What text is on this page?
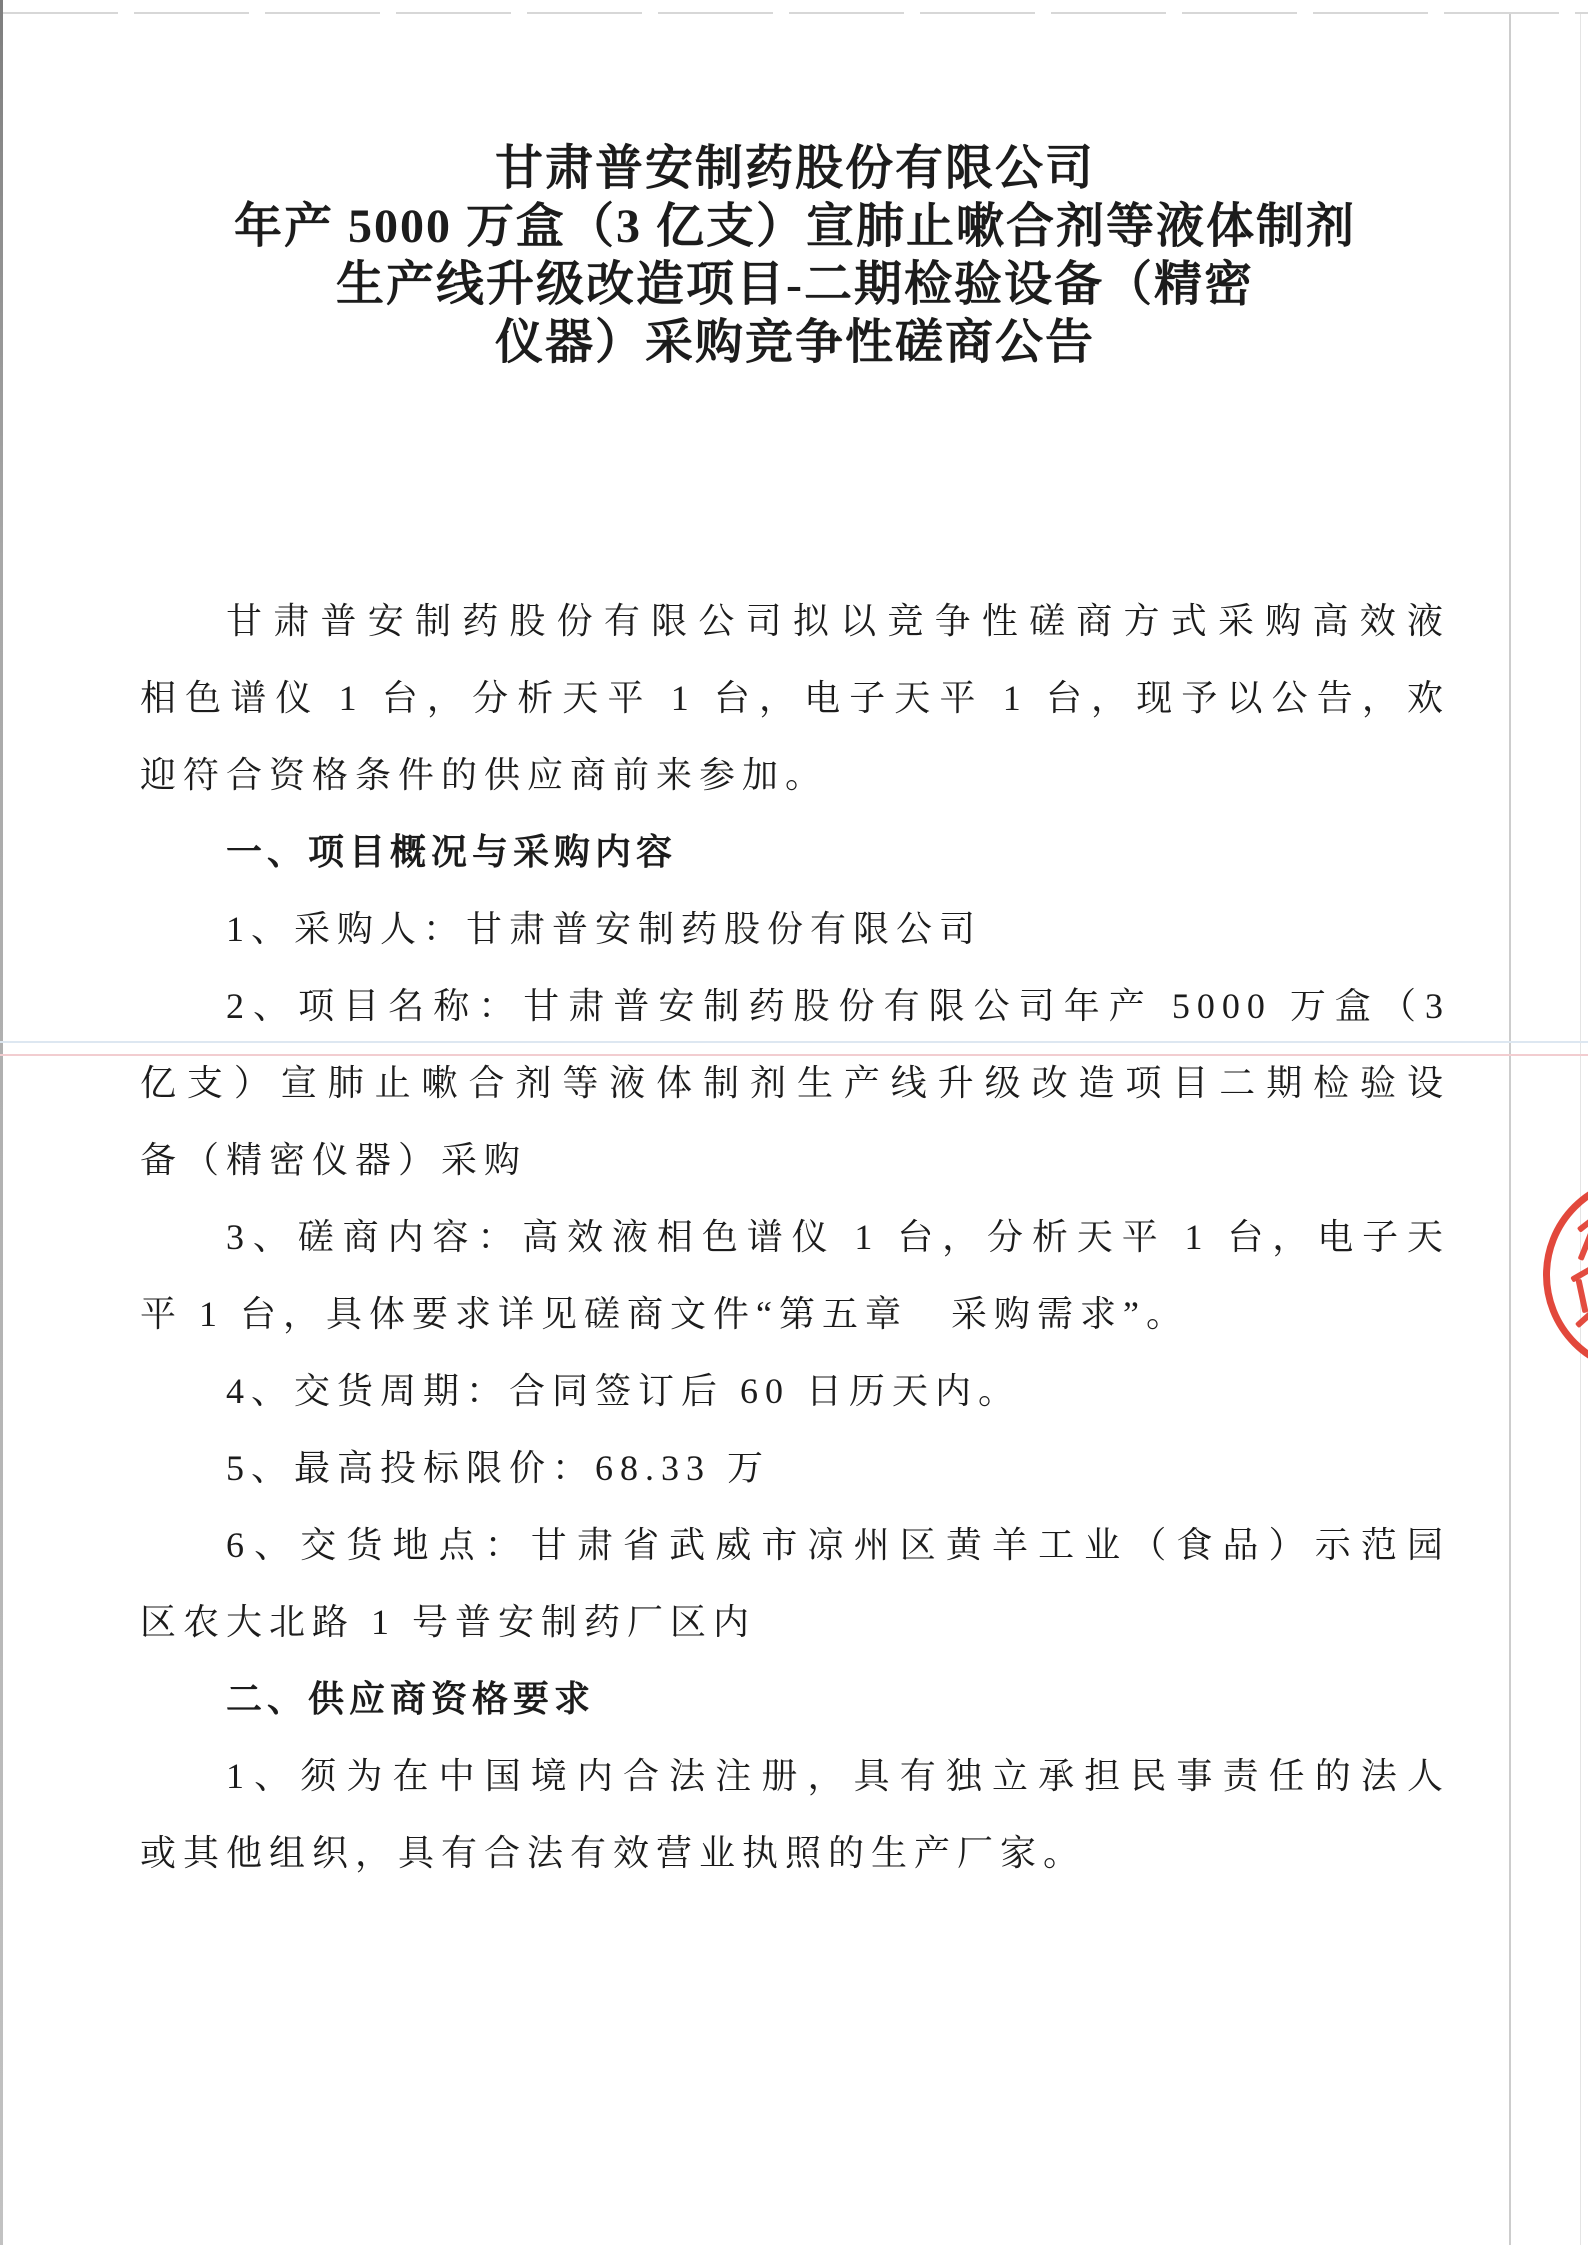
甘肃普安制药股份有限公司
年产 5000 万盒（3 亿支）宣肺止嗽合剂等液体制剂
生产线升级改造项目-二期检验设备（精密
仪器）采购竞争性磋商公告
甘肃普安制药股份有限公司拟以竞争性磋商方式采购高效液
相色谱仪 1 台，分析天平 1 台，电子天平 1 台，现予以公告，欢
迎符合资格条件的供应商前来参加。
一、项目概况与采购内容
1、采购人：甘肃普安制药股份有限公司
2、项目名称：甘肃普安制药股份有限公司年产 5000 万盒（3
亿支）宣肺止嗽合剂等液体制剂生产线升级改造项目二期检验设
备（精密仪器）采购
3、磋商内容：高效液相色谱仪 1 台，分析天平 1 台，电子天
平 1 台，具体要求详见磋商文件“第五章　采购需求”。
4、交货周期：合同签订后 60 日历天内。
5、最高投标限价：68.33 万
6、交货地点：甘肃省武威市凉州区黄羊工业（食品）示范园
区农大北路 1 号普安制药厂区内
二、供应商资格要求
1、须为在中国境内合法注册，具有独立承担民事责任的法人
或其他组织，具有合法有效营业执照的生产厂家。
